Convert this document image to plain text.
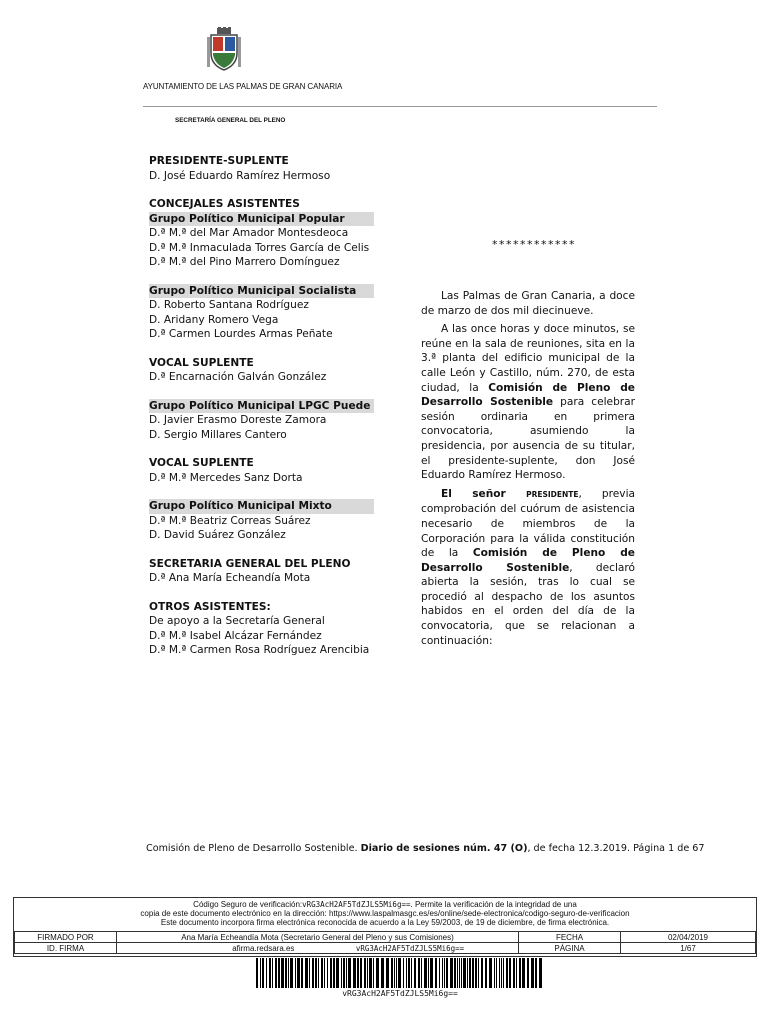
AYUNTAMIENTO DE LAS PALMAS DE GRAN CANARIA
SECRETARÍA GENERAL DEL PLENO
PRESIDENTE-SUPLENTE
D. José Eduardo Ramírez Hermoso
CONCEJALES ASISTENTES
Grupo Político Municipal Popular
D.ª M.ª del Mar Amador Montesdeoca
D.ª M.ª Inmaculada Torres García de Celis
D.ª M.ª del Pino Marrero Domínguez
Grupo Político Municipal Socialista
D. Roberto Santana Rodríguez
D. Aridany Romero Vega
D.ª Carmen Lourdes Armas Peñate
VOCAL SUPLENTE
D.ª Encarnación Galván González
Grupo Político Municipal LPGC Puede
D. Javier Erasmo Doreste Zamora
D. Sergio Millares Cantero
VOCAL SUPLENTE
D.ª M.ª Mercedes Sanz Dorta
Grupo Político Municipal Mixto
D.ª M.ª Beatriz Correas Suárez
D. David Suárez González
SECRETARIA GENERAL DEL PLENO
D.ª Ana María Echeandía Mota
OTROS ASISTENTES:
De apoyo a la Secretaría General
D.ª M.ª Isabel Alcázar Fernández
D.ª M.ª Carmen Rosa Rodríguez Arencibia
************

Las Palmas de Gran Canaria, a doce de marzo de dos mil diecinueve.

A las once horas y doce minutos, se reúne en la sala de reuniones, sita en la 3.ª planta del edificio municipal de la calle León y Castillo, núm. 270, de esta ciudad, la Comisión de Pleno de Desarrollo Sostenible para celebrar sesión ordinaria en primera convocatoria, asumiendo la presidencia, por ausencia de su titular, el presidente-suplente, don José Eduardo Ramírez Hermoso.

El señor PRESIDENTE, previa comprobación del cuórum de asistencia necesario de miembros de la Corporación para la válida constitución de la Comisión de Pleno de Desarrollo Sostenible, declaró abierta la sesión, tras lo cual se procedió al despacho de los asuntos habidos en el orden del día de la convocatoria, que se relacionan a continuación:

Comisión de Pleno de Desarrollo Sostenible. Diario de sesiones núm. 47 (O), de fecha 12.3.2019. Página 1 de 67
Código Seguro de verificación:vRG3AcH2AF5TdZJLS5Mi6g==. Permite la verificación de la integridad de una
copia de este documento electrónico en la dirección: https://www.laspalmasgc.es/es/online/sede-electronica/codigo-seguro-de-verificacion
Este documento incorpora firma electrónica reconocida de acuerdo a la Ley 59/2003, de 19 de diciembre, de firma electrónica.
FIRMADO POR	Ana María Echeandía Mota (Secretario General del Pleno y sus Comisiones)	FECHA	02/04/2019
ID. FIRMA	afirma.redsara.es vRG3AcH2AF5TdZJLS5Mi6g==	PÁGINA	1/67
vRG3AcH2AF5TdZJLS5Mi6g==
